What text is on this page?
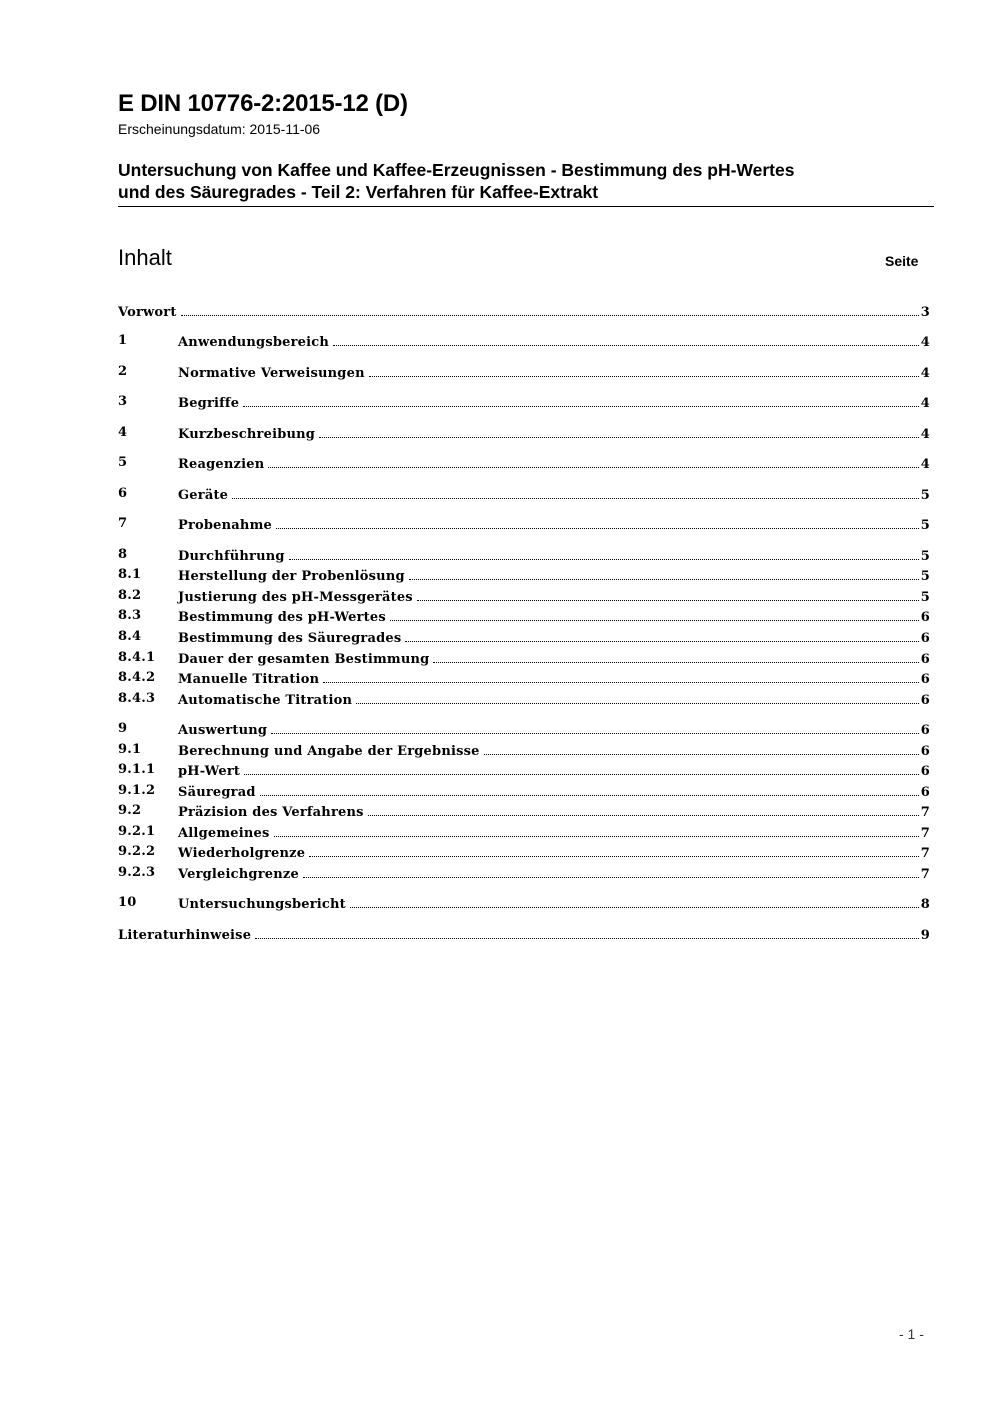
E DIN 10776-2:2015-12 (D)
Erscheinungsdatum: 2015-11-06
Untersuchung von Kaffee und Kaffee-Erzeugnissen - Bestimmung des pH-Wertes
und des Säuregrades - Teil 2: Verfahren für Kaffee-Extrakt
Inhalt	Seite
Vorwort	3
1	Anwendungsbereich	4
2	Normative Verweisungen	4
3	Begriffe	4
4	Kurzbeschreibung	4
5	Reagenzien	4
6	Geräte	5
7	Probenahme	5
8	Durchführung	5
8.1	Herstellung der Probenlösung	5
8.2	Justierung des pH-Messgerätes	5
8.3	Bestimmung des pH-Wertes	6
8.4	Bestimmung des Säuregrades	6
8.4.1 Dauer der gesamten Bestimmung	6
8.4.2 Manuelle Titration	6
8.4.3 Automatische Titration	6
9	Auswertung	6
9.1	Berechnung und Angabe der Ergebnisse	6
9.1.1 pH-Wert	6
9.1.2 Säuregrad	6
9.2	Präzision des Verfahrens	7
9.2.1 Allgemeines	7
9.2.2 Wiederholgrenze	7
9.2.3 Vergleichgrenze	7
10	Untersuchungsbericht	8
Literaturhinweise	9
- 1 -
